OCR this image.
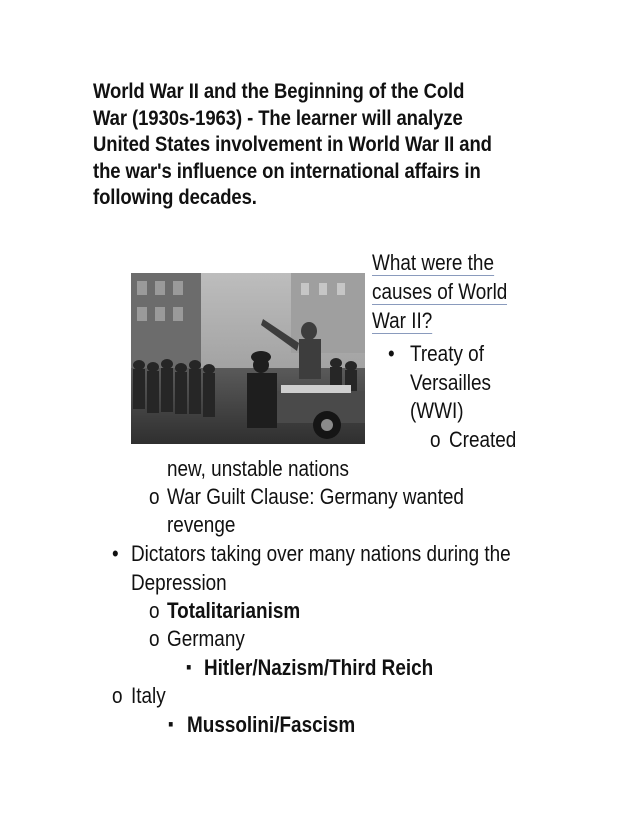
World War II and the Beginning of the Cold
War (1930s-1963) - The learner will analyze
United States involvement in World War II and
the war's influence on international affairs in
following decades.
What were the
causes of World
War II?
• Treaty of
Versailles
(WWI)
o Created
new, unstable nations
o War Guilt Clause: Germany wanted
revenge
• Dictators taking over many nations during the
Depression
o Totalitarianism
o Germany
▪ Hitler/Nazism/Third Reich
o Italy
▪ Mussolini/Fascism
